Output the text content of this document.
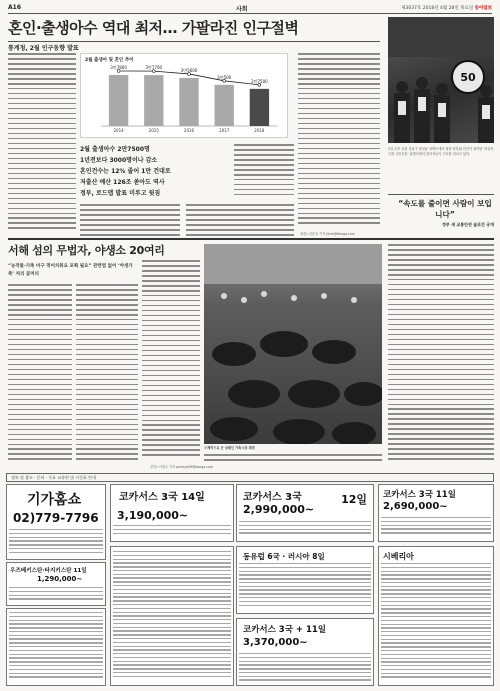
A16	사회	제3037호 2018년 4월 28일 목요일 동아일보
혼인·출생아수 역대 최저… 가팔라진 인구절벽
통계청, 2월 인구동향 발표
2월 출생아 및 혼인 추이
3만7800
2014
3만7700
2015
3만5600
2016
3만500
2017
2만7500
2018
2월 출생아수 2만7500명
1년전보다 3000명이나 감소
혼인건수는 12% 줄어 1만 건대로
저출산 예산 126조 쏟아도 역사
정부, 로드맵 발표 미루고 뒷짐
세종=김준일 기자 jikim@donga.com
50
2일 오후 서울 강남구 삼성동 코엑스에서 열린 정부와 민간이 참여한 ‘저출산 극복 국민운동’ 출범식에서 참석자들이 구호를 외치고 있다.
“속도를 줄이면 사람이 보입니다”
정부 새 교통안전 슬로건 공개
서해 섬의 무법자, 야생소 20여리
“농작물·가축 마구 먹어치워요 포획 필요” 관련법 없어 ‘야생가축’ 처리 골머리
신안=이형주 기자 peneye09@donga.com
구제역으로 큰 낭패인 가축시장 재개
정보 및 광고 · 문의 · 주요 교통편 및 시간표 안내
기가홈쇼
02)779-7796
우즈베키스탄·타지키스탄 11일
1,290,000~
코카서스 3국 14일
3,190,000~
코카서스 3국
2,990,000~
12일 코카서스 3국 11일
2,690,000~
동유럽 6국 · 러시아 8일
코카서스 3국 + 11일
3,370,000~
시베리아
